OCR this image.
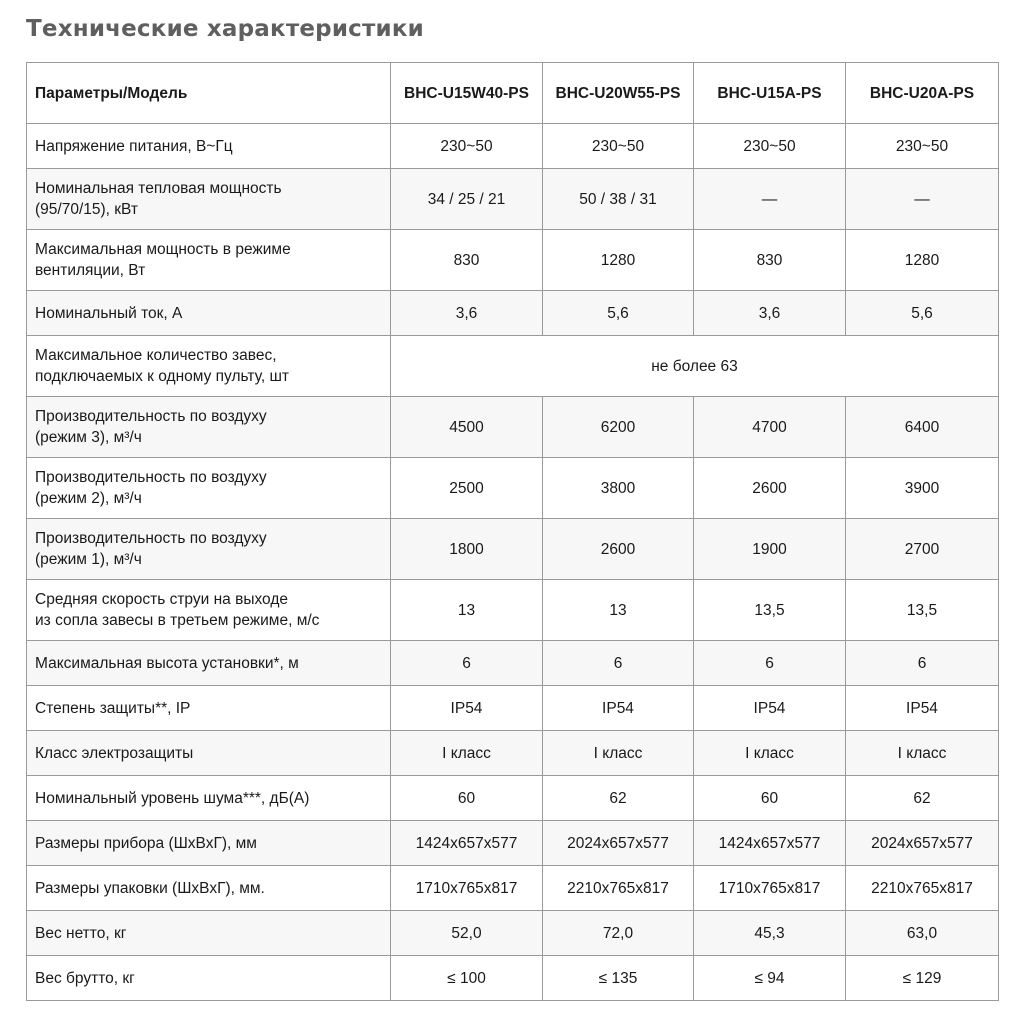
Технические характеристики
Параметры/Модель	BHC-U15W40-PS	BHC-U20W55-PS	BHC-U15A-PS	BHC-U20A-PS
Напряжение питания, В~Гц	230~50	230~50	230~50	230~50
Номинальная тепловая мощность
(95/70/15), кВт	34 / 25 / 21	50 / 38 / 31	—	—
Максимальная мощность в режиме
вентиляции, Вт	830	1280	830	1280
Номинальный ток, А	3,6	5,6	3,6	5,6
Максимальное количество завес,
подключаемых к одному пульту, шт	не более 63			
Производительность по воздуху
(режим 3), м³/ч	4500	6200	4700	6400
Производительность по воздуху
(режим 2), м³/ч	2500	3800	2600	3900
Производительность по воздуху
(режим 1), м³/ч	1800	2600	1900	2700
Средняя скорость струи на выходе
из сопла завесы в третьем режиме, м/с	13	13	13,5	13,5
Максимальная высота установки*, м	6	6	6	6
Степень защиты**, IP	IP54	IP54	IP54	IP54
Класс электрозащиты	I класс	I класс	I класс	I класс
Номинальный уровень шума***, дБ(А)	60	62	60	62
Размеры прибора (ШхВхГ), мм	1424x657x577	2024x657x577	1424x657x577	2024x657x577
Размеры упаковки (ШхВхГ), мм.	1710x765x817	2210x765x817	1710x765x817	2210x765x817
Вес нетто, кг	52,0	72,0	45,3	63,0
Вес брутто, кг	≤ 100	≤ 135	≤ 94	≤ 129
